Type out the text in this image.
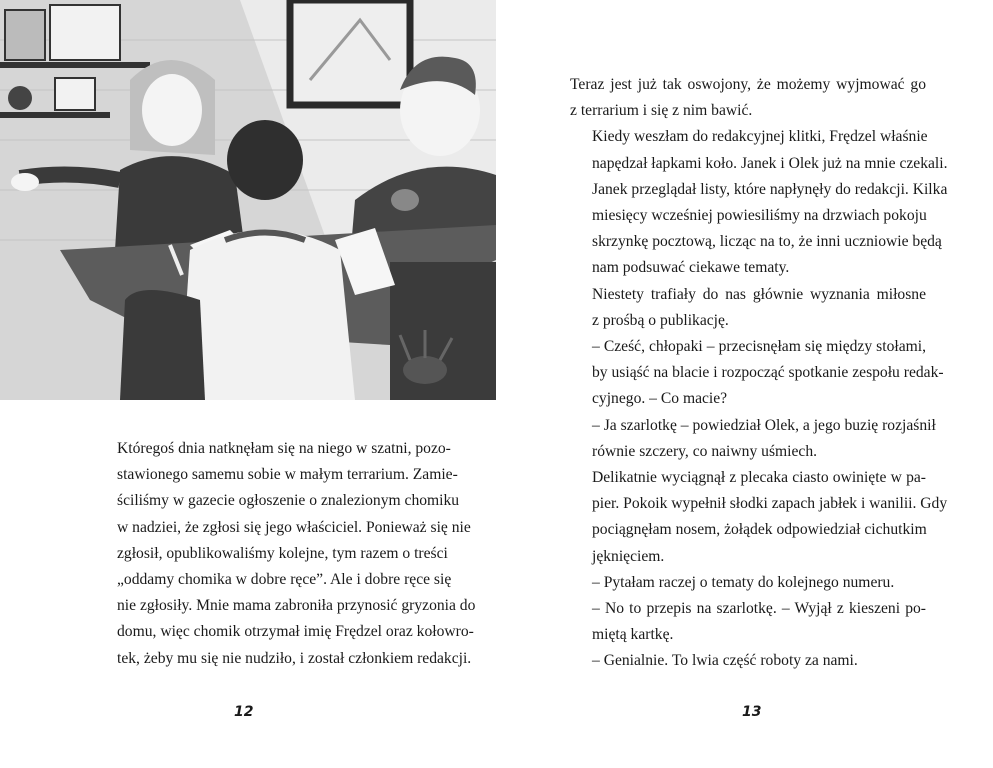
Któregoś dnia natknęłam się na niego w szatni, pozo-
stawionego samemu sobie w małym terrarium. Zamie-
ściliśmy w gazecie ogłoszenie o znalezionym chomiku
w nadziei, że zgłosi się jego właściciel. Ponieważ się nie
zgłosił, opublikowaliśmy kolejne, tym razem o treści
„oddamy chomika w dobre ręce”. Ale i dobre ręce się
nie zgłosiły. Mnie mama zabroniła przynosić gryzonia do
domu, więc chomik otrzymał imię Frędzel oraz kołowro-
tek, żeby mu się nie nudziło, i został członkiem redakcji.

12

Teraz jest już tak oswojony, że możemy wyjmować go
z terrarium i się z nim bawić.

Kiedy weszłam do redakcyjnej klitki, Frędzel właśnie
napędzał łapkami koło. Janek i Olek już na mnie czekali.
Janek przeglądał listy, które napłynęły do redakcji. Kilka
miesięcy wcześniej powiesiliśmy na drzwiach pokoju
skrzynkę pocztową, licząc na to, że inni uczniowie będą
nam podsuwać ciekawe tematy.

Niestety trafiały do nas głównie wyznania miłosne
z prośbą o publikację.

– Cześć, chłopaki – przecisnęłam się między stołami,
by usiąść na blacie i rozpocząć spotkanie zespołu redak-
cyjnego. – Co macie?

– Ja szarlotkę – powiedział Olek, a jego buzię rozjaśnił
równie szczery, co naiwny uśmiech.

Delikatnie wyciągnął z plecaka ciasto owinięte w pa-
pier. Pokoik wypełnił słodki zapach jabłek i wanilii. Gdy
pociągnęłam nosem, żołądek odpowiedział cichutkim
jęknięciem.

– Pytałam raczej o tematy do kolejnego numeru.

– No to przepis na szarlotkę. – Wyjął z kieszeni po-
miętą kartkę.

– Genialnie. To lwia część roboty za nami.

13
